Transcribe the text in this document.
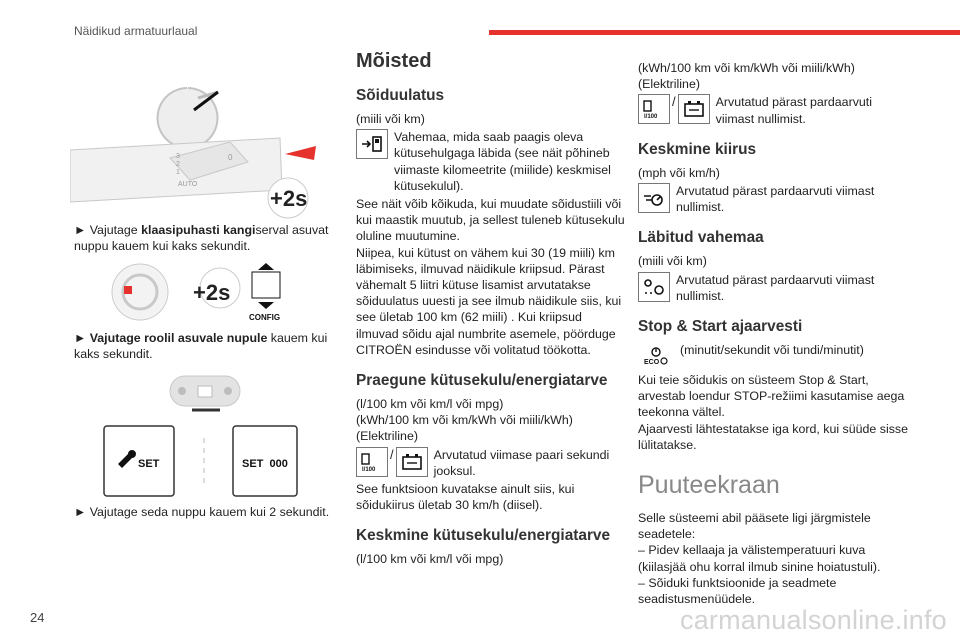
Näidikud armatuurlaual
0
AUTO
1
2
3
+2s

► Vajutage klaasipuhasti kangiserval asuvat nuppu kauem kui kaks sekundit.

+2s
CONFIG

► Vajutage roolil asuvale nupule kauem kui kaks sekundit.

SET	SET  000

► Vajutage seda nuppu kauem kui 2 sekundit.

Mõisted
Sõiduulatus

(miili või km)

Vahemaa, mida saab paagis oleva kütusehulgaga läbida (see näit põhineb viimaste kilomeetrite (miilide) keskmisel kütusekulul).

See näit võib kõikuda, kui muudate sõidustiili või kui maastik muutub, ja sellest tuleneb kütusekulu oluline muutumine.

Niipea, kui kütust on vähem kui 30 (19 miili) km läbimiseks, ilmuvad näidikule kriipsud. Pärast vähemalt 5 liitri kütuse lisamist arvutatakse sõiduulatus uuesti ja see ilmub näidikule siis, kui see ületab 100 km (62 miili) . Kui kriipsud ilmuvad sõidu ajal numbrite asemele, pöörduge CITROËN esindusse või volitatud töökotta.

Praegune kütusekulu/energiatarve

(l/100 km või km/l või mpg)
(kWh/100 km või km/kWh või miili/kWh)
(Elektriline)

l/100
/	Arvutatud viimase paari sekundi jooksul.

See funktsioon kuvatakse ainult siis, kui sõidukiirus ületab 30 km/h (diisel).

Keskmine kütusekulu/energiatarve

(l/100 km või km/l või mpg)

(kWh/100 km või km/kWh või miili/kWh)
(Elektriline)

l/100
/	Arvutatud pärast pardaarvuti viimast nullimist.

Keskmine kiirus

(mph või km/h)

Arvutatud pärast pardaarvuti viimast nullimist.

Läbitud vahemaa

(miili või km)

Arvutatud pärast pardaarvuti viimast nullimist.

Stop & Start ajaarvesti
ECO

(minutit/sekundit või tundi/minutit)

Kui teie sõidukis on süsteem Stop & Start, arvestab loendur STOP-režiimi kasutamise aega teekonna vältel.
Ajaarvesti lähtestatakse iga kord, kui süüde sisse lülitatakse.

Puuteekraan

Selle süsteemi abil pääsete ligi järgmistele seadetele:
– Pidev kellaaja ja välistemperatuuri kuva (kiilasjää ohu korral ilmub sinine hoiatustuli).
– Sõiduki funktsioonide ja seadmete seadistusmenüüdele.

24	carmanualsonline.info
